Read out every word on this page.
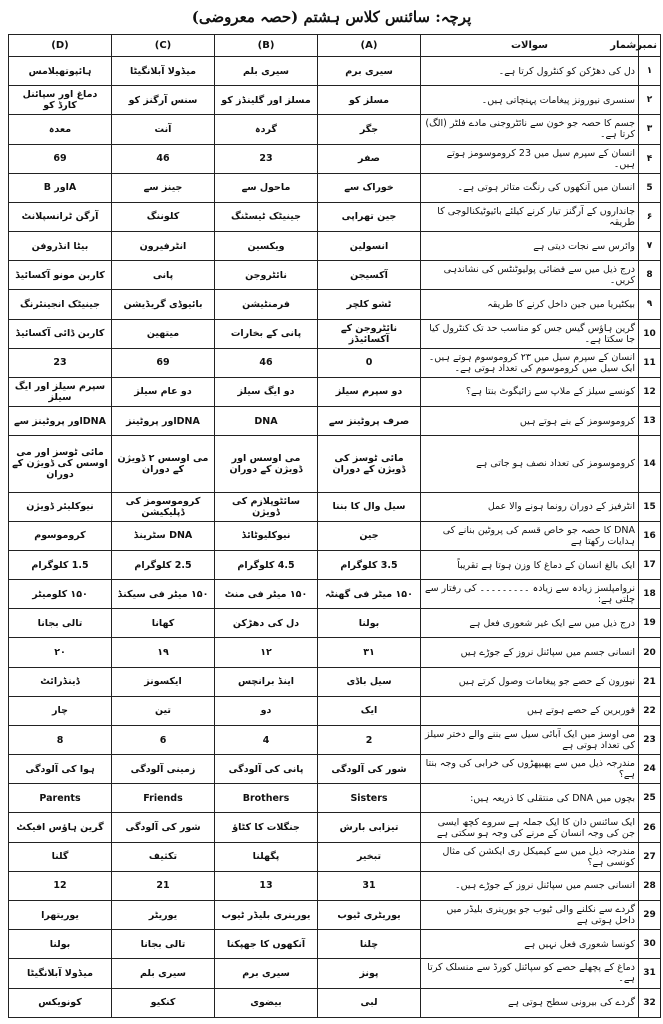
پرچہ: سائنس کلاس ہشتم (حصہ معروضی)
نمبرشمار	سوالات	(A)	(B)	(C)	(D)
۱	دل کی دھڑکن کو کنٹرول کرتا ہے۔	سیری برم	سیری بلم	میڈولا آبلانگیٹا	ہائپوتھیلامس
۲	سنسری نیورونز پیغامات پہنچاتی ہیں۔	مسلز کو	مسلز اور گلینڈز کو	سنس آرگنز کو	دماغ اور سپائنل کارڈ کو
۳	جسم کا حصہ جو خون سے نائٹروجنی مادے فلٹر (الگ) کرتا ہے۔	جگر	گردہ	آنت	معدہ
۴	انسان کے سپرم سیل میں 23 کروموسومز ہوتے ہیں۔	صفر	23	46	69
5	انسان میں آنکھوں کی رنگت متاثر ہوتی ہے۔	خوراک سے	ماحول سے	جینز سے	Aاور B
۶	جانداروں کے آرگنز تیار کرنے کیلئے بائیوٹیکنالوجی کا طریقہ	جین تھراپی	جینیٹک ٹیسٹنگ	کلوننگ	آرگن ٹرانسپلانٹ
۷	وائرس سے نجات دیتی ہے	انسولین	ویکسین	انٹرفیرون	بیٹا انڈروفن
8	درج ذیل میں سے فضائی پولیوٹنٹس کی نشاندہی کریں۔	آکسیجن	نائٹروجن	پانی	کاربن مونو آکسائیڈ
۹	بیکٹیریا میں جین داخل کرنے کا طریقہ	ٹشو کلچر	فرمنٹیشن	بائیوڈی گریڈیشن	جینیٹک انجینئرنگ
10	گرین ہاؤس گیس جس کو مناسب حد تک کنٹرول کیا جا سکتا ہے۔	نائٹروجن کے آکسائیڈز	پانی کے بخارات	میتھین	کاربن ڈائی آکسائیڈ
11	انسان کے سپرم سیل میں ۲۳ کروموسوم ہوتے ہیں۔ایک سیل میں کروموسوم کی تعداد ہوتی ہے۔	0	46	69	23
12	کونسے سیلز کے ملاپ سے زائیگوٹ بنتا ہے؟	دو سپرم سیلز	دو ایگ سیلز	دو عام سیلز	سپرم سیلز اور ایگ سیلز
13	کروموسومز کے بنے ہوتے ہیں	صرف پروٹینز سے	DNA	DNAاور پروٹینز	DNAاور پروٹینز سے
14	کروموسومز کی تعداد نصف ہو جاتی ہے	مائی ٹوسز کی ڈویژن کے دوران	می اوسس اور ڈویژن کے دوران	می اوسس ۲ ڈویژن کے دوران	مائی ٹوسز اور می اوسس کی ڈویژن کے دوران
15	انٹرفیز کے دوران رونما ہونے والا عمل	سیل وال کا بننا	سائٹوپلازم کی ڈویژن	کروموسومز کی ڈپلیکیشن	نیوکلیئر ڈویژن
16	DNA کا حصہ جو خاص قسم کی پروٹین بنانے کی ہدایات رکھتا ہے	جین	نیوکلیوٹائڈ	DNA سٹرینڈ	کروموسوم
17	ایک بالغ انسان کے دماغ کا وزن ہوتا ہے تقریباً	3.5 کلوگرام	4.5 کلوگرام	2.5 کلوگرام	1.5 کلوگرام
18	نروامپلسز زیادہ سے زیادہ ۔۔۔۔۔۔۔۔۔ کی رفتار سے چلتی ہے:	۱۵۰ میٹر فی گھنٹہ	۱۵۰ میٹر فی منٹ	۱۵۰ میٹر فی سیکنڈ	۱۵۰ کلومیٹر
19	درج ذیل میں سے ایک غیر شعوری فعل ہے	بولنا	دل کی دھڑکن	کھانا	تالی بجانا
20	انسانی جسم میں سپائنل نروز کے جوڑے ہیں	۳۱	۱۲	۱۹	۲۰
21	نیورون کے حصے جو پیغامات وصول کرتے ہیں	سیل باڈی	اینڈ برانچس	ایکسونز	ڈینڈرائٹ
22	فوربرین کے حصے ہوتے ہیں	ایک	دو	تین	چار
23	می اوسز میں ایک آبائی سیل سے بننے والے دختر سیلز کی تعداد ہوتی ہے	2	4	6	8
24	مندرجہ ذیل میں سے پھیپھڑوں کی خرابی کی وجہ بنتا ہے؟	شور کی آلودگی	پانی کی آلودگی	زمینی آلودگی	ہوا کی آلودگی
25	بچوں میں DNA کی منتقلی کا ذریعہ ہیں:	Sisters	Brothers	Friends	Parents
26	ایک سائنس دان کا ایک جملہ ہے سروے کچھ ایسی جن کی وجہ انسان کے مرنے کی وجہ ہو سکتی ہے	تیزابی بارش	جنگلات کا کٹاؤ	شور کی آلودگی	گرین ہاؤس افیکٹ
27	مندرجہ ذیل میں سے کیمیکل ری ایکشن کی مثال کونسی ہے؟	تبخیر	پگھلنا	تکثیف	گلنا
28	انسانی جسم میں سپائنل نروز کے جوڑے ہیں۔	31	13	21	12
29	گردے سے نکلنے والی ٹیوب جو یورینری بلیڈر میں داخل ہوتی ہے	یوریٹری ٹیوب	یورینری بلیڈر ٹیوب	یوریٹر	یوریتھرا
30	کونسا شعوری فعل نہیں ہے	چلنا	آنکھوں کا جھپکنا	تالی بجانا	بولنا
31	دماغ کے پچھلے حصے کو سپائنل کورڈ سے منسلک کرتا ہے۔	پونز	سیری برم	سیری بلم	میڈولا آبلانگیٹا
32	گردے کی بیرونی سطح ہوتی ہے	لبی	بیضوی	کنکیو	کونویکس
